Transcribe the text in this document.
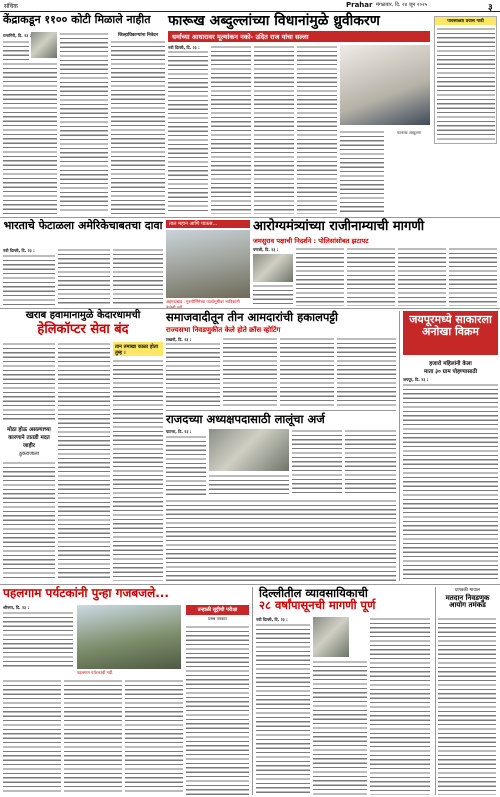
संचिक	Prahar मंगळवार, दि. २४ जून २०२५	३
केंद्राकडून ११०० कोटी मिळाले नाहीत
रत्नागिरी, दि. २३ :	जिल्हाधिकाऱ्यांना निवेदन
फारूख अब्दुल्लांच्या विधानांमुळे ध्रुवीकरण
धर्माच्या आधारावर मूल्यांकन नको- उदित राज यांचा सल्ला
नवी दिल्ली, दि. २३ :
फारूख अब्दुल्ला
पावसाळ्या प्रवास गाडी
भारताचे फेटाळला अमेरिकेचाबतचा दावा
नवी दिल्ली, दि. २३ :
ताल महान आणि पाऊस...
अहमदाबाद : गुरुपौर्णिमेच्या पार्श्वभूमीवर भाविकांनी
आरोग्यमंत्र्यांच्या राजीनाम्याची मागणी
जमसुराव पक्षाची निदर्शने : पोलिसांसोबत झटापट
पणजी, दि. २३ :
खराब हवामानामुळे केदारधामची
हेलिकॉप्टर सेवा बंद
मोठा होऊ असल्याच्या कारणाने तातडी मदत जाहीर
ठुकराजाला
तान तमाखा काळा होता तुम्ह ।
समाजवादीतून तीन आमदारांची हकालपट्टी
राज्यसभा निवडणुकीत केले होते क्रॉस व्होटिंग
लखनौ, दि. २३ :
जयपूरमध्ये साकारला अनोखा विक्रम
हजारो महिलांनी केला
माता ३० ग्राम पोहण्यासाठी
जयपूर, दि. २३ :
राजदच्या अध्यक्षपदासाठी लालूंचा अर्ज
पाटणा, दि. २३ :
पहलगाम पर्यटकांनी पुन्हा गजबजले...
श्रीनगर, दि. २३ :
पहलगाम पर्यटकांची गर्दी.
उन्हाळी सुट्टीची परीक्षा
प्रसन्न पत्रकार
दिल्लीतील व्यावसायिकाची
२८ वर्षांपासूनची मागणी पूर्ण
नवी दिल्ली, दि. २३ :
प्रणवकी मायाल
मतदान निवडणुक आयोग तमंकड
